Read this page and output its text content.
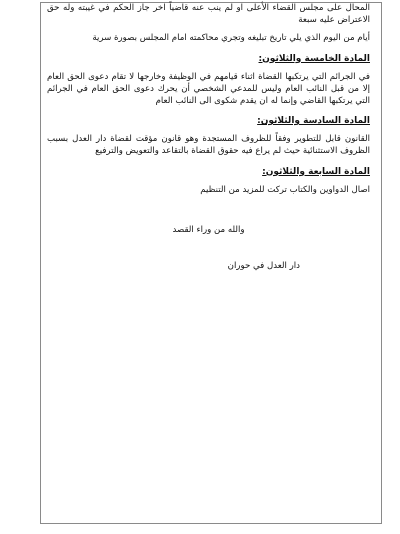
المحال على مجلس القضاء الأعلى او لم ينب عنه قاضياً اخر جاز الحكم في غيبته وله حق الاعتراض عليه سبعة

أيام من اليوم الذي يلي تاريخ تبليغه وتجري محاكمته امام المجلس بصورة سرية

المادة الخامسة والثلاثون:

في الجرائم التي يرتكبها القضاة اثناء قيامهم في الوظيفة وخارجها لا تقام دعوى الحق العام إلا من قبل النائب العام وليس للمدعي الشخصي أن يحرك دعوى الحق العام في الجرائم التي يرتكبها القاضي وإنما له ان يقدم شكوى الى النائب العام

المادة السادسة والثلاثون:

القانون قابل للتطوير وفقاً للظروف المستجدة وهو قانون مؤقت لقضاة دار العدل بسبب الظروف الاستثنائية حيث لم يراع فيه حقوق القضاة بالتقاعد والتعويض والترفيع

المادة السابعة والثلاثون:

اصال الدواوين والكتاب تركت للمزيد من التنظيم

والله من وراء القصد

دار العدل في حوران
